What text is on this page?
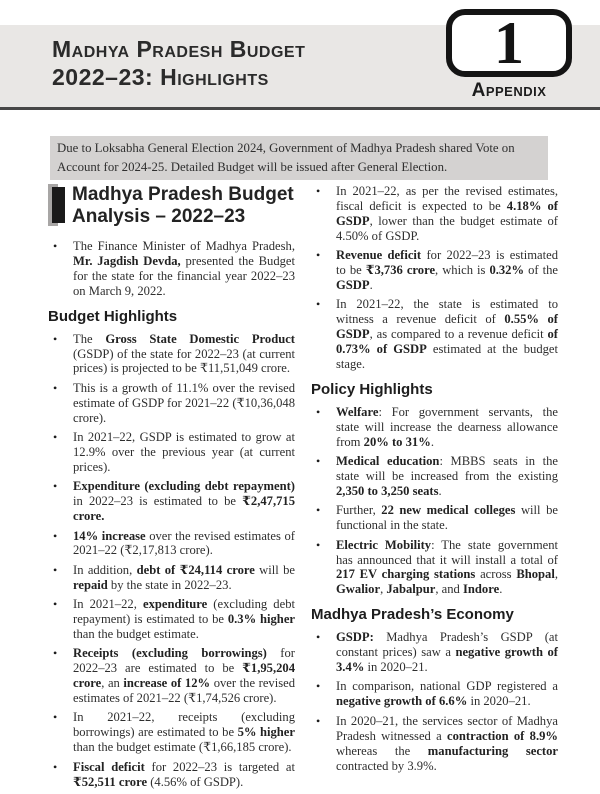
Madhya Pradesh Budget
2022–23: Highlights
1
Appendix
Due to Loksabha General Election 2024, Government of Madhya Pradesh shared Vote on Account for 2024-25. Detailed Budget will be issued after General Election.
Madhya Pradesh Budget
Analysis – 2022–23
• The Finance Minister of Madhya Pradesh, Mr. Jagdish Devda, presented the Budget for the state for the financial year 2022–23 on March 9, 2022.

Budget Highlights
• The Gross State Domestic Product (GSDP) of the state for 2022–23 (at current prices) is projected to be ₹11,51,049 crore.

• This is a growth of 11.1% over the revised estimate of GSDP for 2021–22 (₹10,36,048 crore).

• In 2021–22, GSDP is estimated to grow at 12.9% over the previous year (at current prices).

• Expenditure (excluding debt repayment) in 2022–23 is estimated to be ₹2,47,715 crore.

• 14% increase over the revised estimates of 2021–22 (₹2,17,813 crore).

• In addition, debt of ₹24,114 crore will be repaid by the state in 2022–23.

• In 2021–22, expenditure (excluding debt repayment) is estimated to be 0.3% higher than the budget estimate.

• Receipts (excluding borrowings) for 2022–23 are estimated to be ₹1,95,204 crore, an increase of 12% over the revised estimates of 2021–22 (₹1,74,526 crore).

• In 2021–22, receipts (excluding borrowings) are estimated to be 5% higher than the budget estimate (₹1,66,185 crore).

• Fiscal deficit for 2022–23 is targeted at ₹52,511 crore (4.56% of GSDP).

• In 2021–22, as per the revised estimates, fiscal deficit is expected to be 4.18% of GSDP, lower than the budget estimate of 4.50% of GSDP.

• Revenue deficit for 2022–23 is estimated to be ₹3,736 crore, which is 0.32% of the GSDP.

• In 2021–22, the state is estimated to witness a revenue deficit of 0.55% of GSDP, as compared to a revenue deficit of 0.73% of GSDP estimated at the budget stage.

Policy Highlights
• Welfare: For government servants, the state will increase the dearness allowance from 20% to 31%.

• Medical education: MBBS seats in the state will be increased from the existing 2,350 to 3,250 seats.

• Further, 22 new medical colleges will be functional in the state.

• Electric Mobility: The state government has announced that it will install a total of 217 EV charging stations across Bhopal, Gwalior, Jabalpur, and Indore.

Madhya Pradesh’s Economy
• GSDP: Madhya Pradesh’s GSDP (at constant prices) saw a negative growth of 3.4% in 2020–21.

• In comparison, national GDP registered a negative growth of 6.6% in 2020–21.

• In 2020–21, the services sector of Madhya Pradesh witnessed a contraction of 8.9% whereas the manufacturing sector contracted by 3.9%.
